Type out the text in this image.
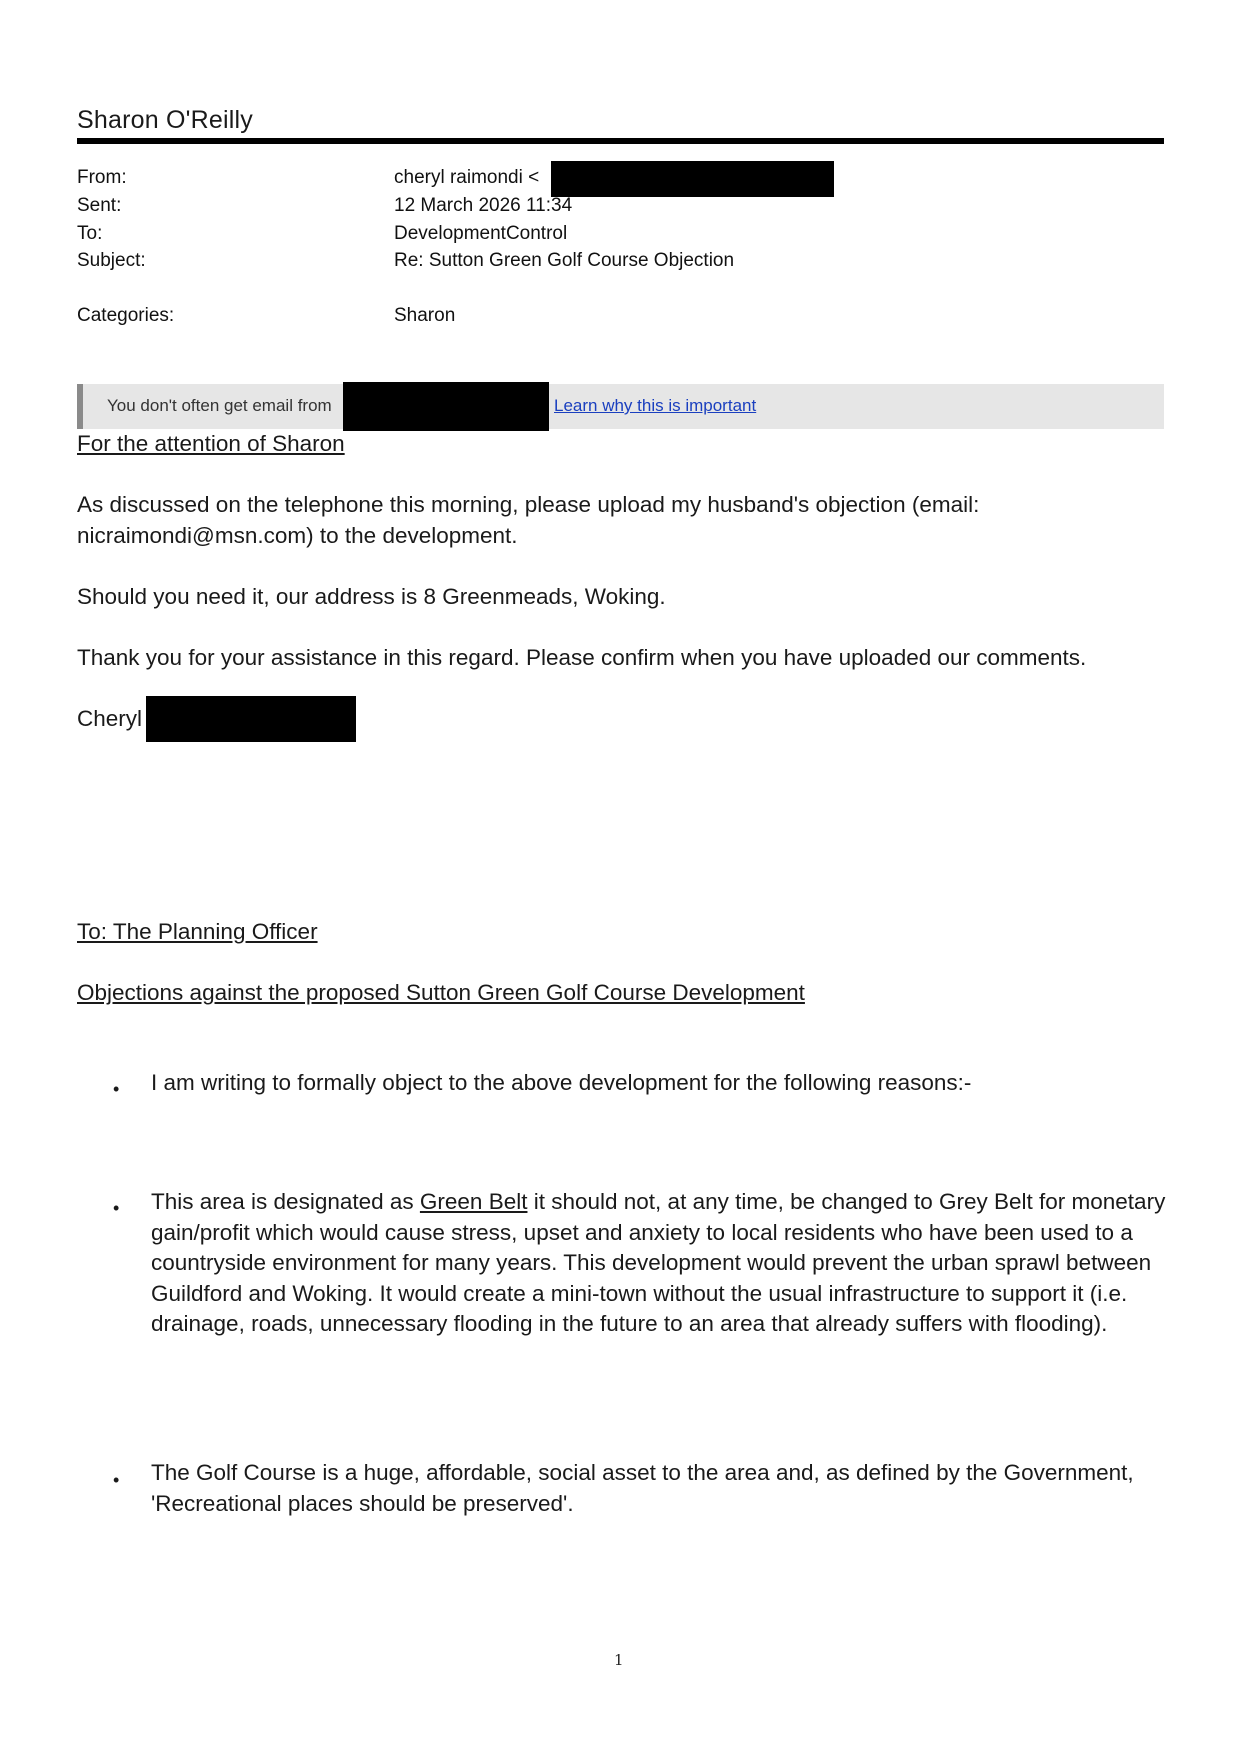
Sharon O'Reilly
From:	cheryl raimondi <
Sent:	12 March 2026 11:34
To:	DevelopmentControl
Subject:	Re: Sutton Green Golf Course Objection
Categories:	Sharon
You don't often get email from	Learn why this is important
For the attention of Sharon
As discussed on the telephone this morning, please upload my husband's objection (email:
nicraimondi@msn.com) to the development.
Should you need it, our address is 8 Greenmeads, Woking.
Thank you for your assistance in this regard. Please confirm when you have uploaded our comments.
Cheryl
To: The Planning Officer
Objections against the proposed Sutton Green Golf Course Development
• I am writing to formally object to the above development for the following reasons:-
• This area is designated as Green Belt it should not, at any time, be changed to Grey Belt for monetary gain/profit which would cause stress, upset and anxiety to local residents who have been used to a countryside environment for many years. This development would prevent the urban sprawl between Guildford and Woking. It would create a mini-town without the usual infrastructure to support it (i.e. drainage, roads, unnecessary flooding in the future to an area that already suffers with flooding).
• The Golf Course is a huge, affordable, social asset to the area and, as defined by the Government, 'Recreational places should be preserved'.
1
